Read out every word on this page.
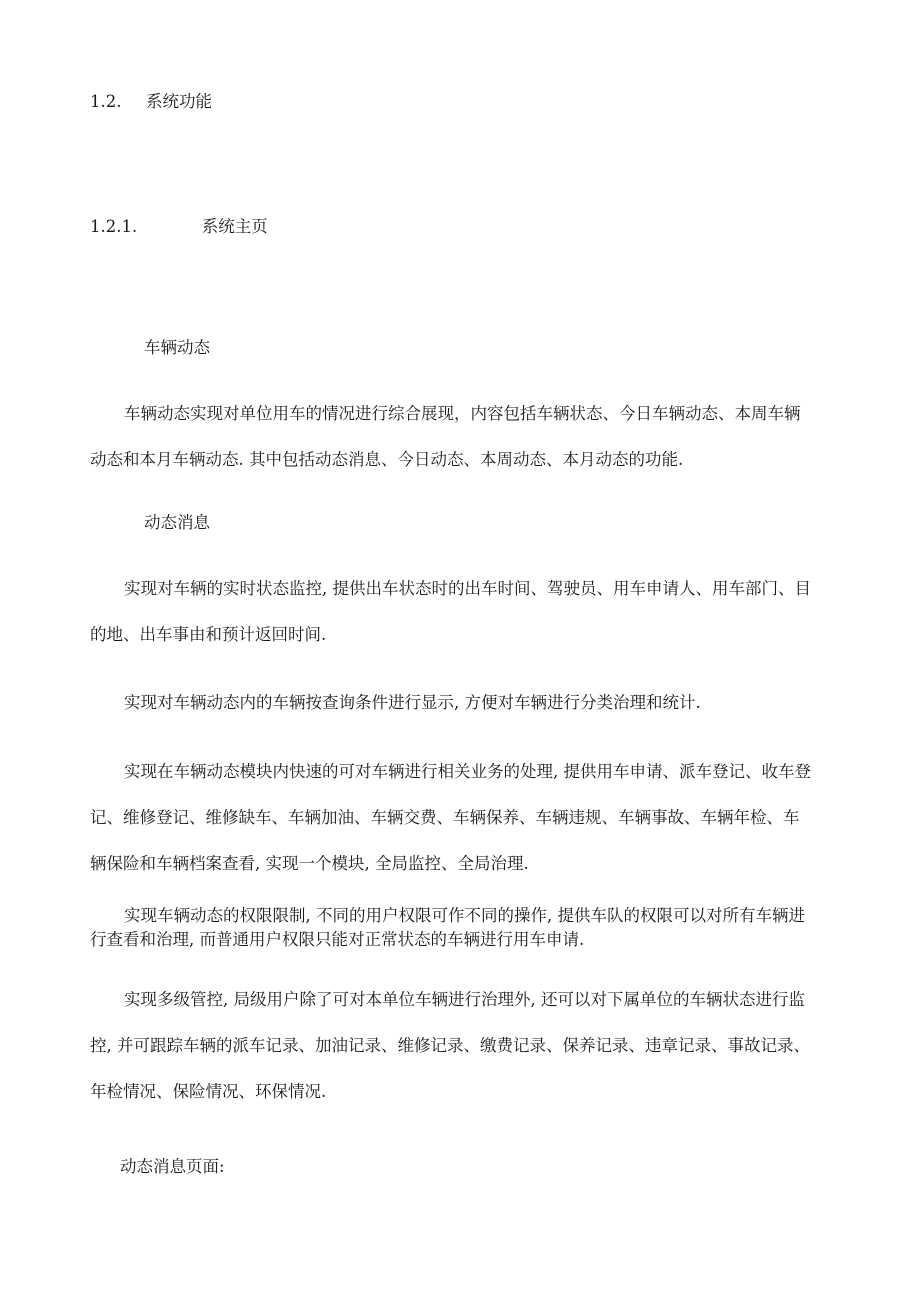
1.2. 系统功能
1.2.1.	系统主页
车辆动态
车辆动态实现对单位用车的情况进行综合展现，内容包括车辆状态、今日车辆动态、本周车辆
动态和本月车辆动态. 其中包括动态消息、今日动态、本周动态、本月动态的功能.
动态消息
实现对车辆的实时状态监控, 提供出车状态时的出车时间、驾驶员、用车申请人、用车部门、目
的地、出车事由和预计返回时间.
实现对车辆动态内的车辆按查询条件进行显示, 方便对车辆进行分类治理和统计.
实现在车辆动态模块内快速的可对车辆进行相关业务的处理, 提供用车申请、派车登记、收车登
记、维修登记、维修缺车、车辆加油、车辆交费、车辆保养、车辆违规、车辆事故、车辆年检、车
辆保险和车辆档案查看, 实现一个模块, 全局监控、全局治理.
实现车辆动态的权限限制, 不同的用户权限可作不同的操作, 提供车队的权限可以对所有车辆进
行查看和治理, 而普通用户权限只能对正常状态的车辆进行用车申请.
实现多级管控, 局级用户除了可对本单位车辆进行治理外, 还可以对下属单位的车辆状态进行监
控, 并可跟踪车辆的派车记录、加油记录、维修记录、缴费记录、保养记录、违章记录、事故记录、
年检情况、保险情况、环保情况.
动态消息页面:
